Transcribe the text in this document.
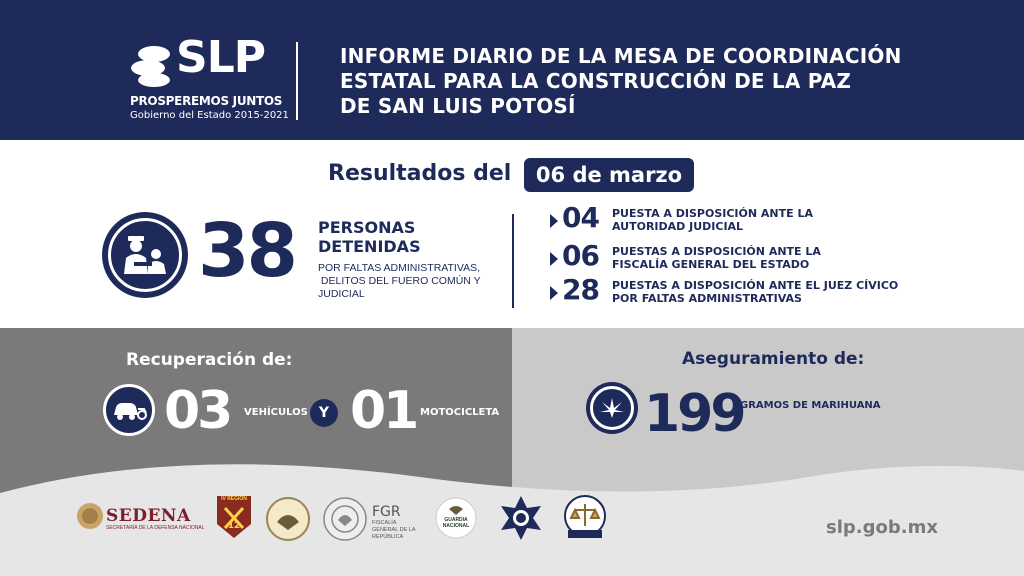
SLP
PROSPEREMOS JUNTOS
Gobierno del Estado 2015-2021
INFORME DIARIO DE LA MESA DE COORDINACIÓN
ESTATAL PARA LA CONSTRUCCIÓN DE LA PAZ
DE SAN LUIS POTOSÍ
Resultados del	06 de marzo
38 PERSONAS
DETENIDAS
POR FALTAS ADMINISTRATIVAS,
DELITOS DEL FUERO COMÚN Y
JUDICIAL
04 PUESTA A DISPOSICIÓN ANTE LA
AUTORIDAD JUDICIAL
06 PUESTAS A DISPOSICIÓN ANTE LA
FISCALÍA GENERAL DEL ESTADO
28 PUESTAS A DISPOSICIÓN ANTE EL JUEZ CÍVICO
POR FALTAS ADMINISTRATIVAS
Recuperación de:
03 VEHÍCULOS Y 01 MOTOCICLETA
Aseguramiento de:
199
GRAMOS DE MARIHUANA
SEDENA
SECRETARÍA DE LA DEFENSA NACIONAL
IV REGIÓN
12
FGR
FISCALÍA GENERAL DE LA REPÚBLICA
GUARDIA NACIONAL	slp.gob.mx
